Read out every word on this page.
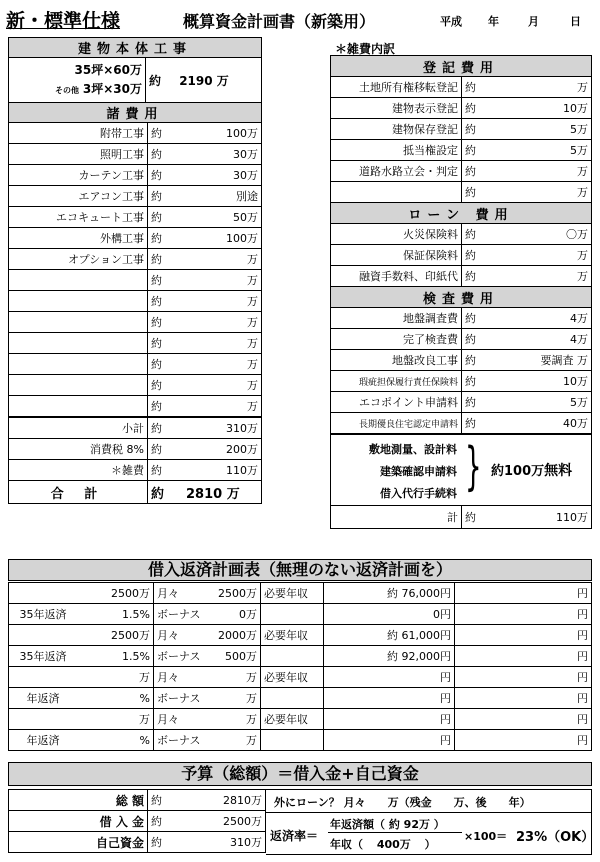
新・標準仕様	概算資金計画書（新築用）	平成 年	月	日
建物本体工事
35坪×60万
その他 3坪×30万	約 2190 万
諸費用
附帯工事	約 100万

照明工事	約 30万

カーテン工事	約 30万

エアコン工事	約 別途

エコキュート工事	約 50万

外構工事	約 100万

オプション工事	約 万

	約 万

	約 万

	約 万

	約 万

	約 万

	約 万

	約 万

小計	約 310万

消費税 8%	約 200万

＊雑費	約 110万

合 計	約 2810 万
＊雑費内訳
登記費用	
土地所有権移転登記	約 万

建物表示登記	約 10万

建物保存登記	約 5万

抵当権設定	約 5万

道路水路立会・判定	約 万

	約 万

ローン 費用	
火災保険料	約 〇万

保証保険料	約 万

融資手数料、印紙代	約 万

検査費用	
地盤調査費	約 4万

完了検査費	約 4万

地盤改良工事	約 要調査 万

瑕疵担保履行責任保険料	約 10万

エコポイント申請料	約 5万

長期優良住宅認定申請料	約 40万

敷地測量、設計料
建築確認申請料
借入代行手続料 } 約100万無料	

計	約 110万
借入返済計画表（無理のない返済計画を）
	2500万	月々 2500万	必要年収	約 76,000円	円
35年返済	1.5%	ボーナス 0万		0円	円
	2500万	月々 2000万	必要年収	約 61,000円	円
35年返済	1.5%	ボーナス 500万		約 92,000円	円
	万	月々 万	必要年収	円	円
年返済	%	ボーナス 万		円	円
	万	月々 万	必要年収	円	円
年返済	%	ボーナス 万		円	円
予算（総額）＝借入金+自己資金
総 額	約 2810万

借 入 金	約 2500万

自己資金	約 310万
外にローン？ 月々　　万（残金　　万、後　　年）
返済率＝
年返済額（ 約 92万 ）
年収（ 400万 ）
×100＝ 23%（OK）
